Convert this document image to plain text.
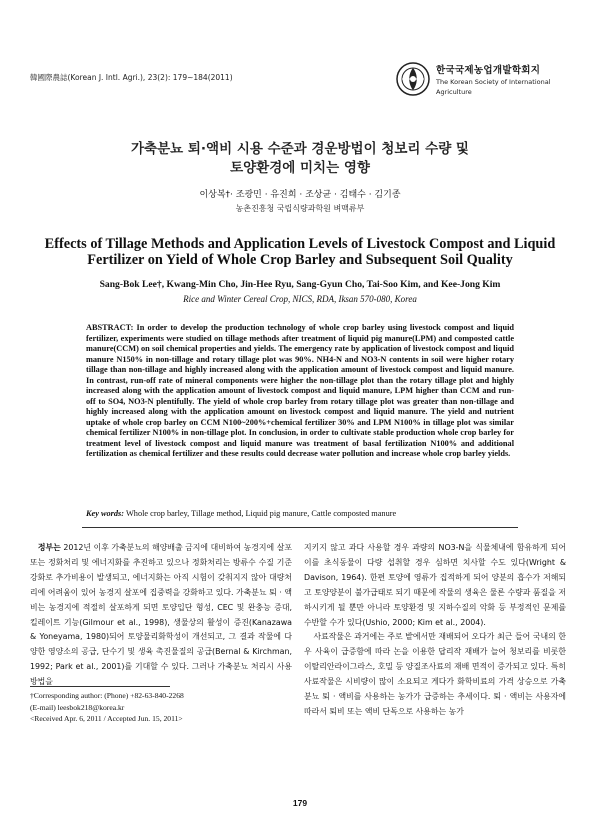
韓國際農誌(Korean J. Intl. Agri.), 23(2): 179~184(2011)
한국국제농업개발학회지
The Korean Society of International
Agriculture
가축분뇨 퇴·액비 시용 수준과 경운방법이 청보리 수량 및
토양환경에 미치는 영향
이상복†· 조광민 · 유진희 · 조상균 · 김태수 · 김기종
농촌진흥청 국립식량과학원 벼맥류부
Effects of Tillage Methods and Application Levels of Livestock Compost and Liquid
Fertilizer on Yield of Whole Crop Barley and Subsequent Soil Quality
Sang-Bok Lee†, Kwang-Min Cho, Jin-Hee Ryu, Sang-Gyun Cho, Tai-Soo Kim, and Kee-Jong Kim
Rice and Winter Cereal Crop, NICS, RDA, Iksan 570-080, Korea
ABSTRACT: In order to develop the production technology of whole crop barley using livestock compost and liquid fertilizer, experiments were studied on tillage methods after treatment of liquid pig manure(LPM) and composted cattle manure(CCM) on soil chemical properties and yields. The emergency rate by application of livestock compost and liquid manure N150% in non-tillage and rotary tillage plot was 90%. NH4-N and NO3-N contents in soil were higher rotary tillage than non-tillage and highly increased along with the application amount of livestock compost and liquid manure. In contrast, run-off rate of mineral components were higher the non-tillage plot than the rotary tillage plot and highly increased along with the application amount of livestock compost and liquid manure, LPM higher than CCM and run-off to SO4, NO3-N plentifully. The yield of whole crop barley from rotary tillage plot was greater than non-tillage and highly increased along with the application amount on livestock compost and liquid manure. The yield and nutrient uptake of whole crop barley on CCM N100~200%+chemical fertilizer 30% and LPM N100% in tillage plot was similar chemical fertilizer N100% in non-tillage plot. In conclusion, in order to cultivate stable production whole crop barley for treatment level of livestock compost and liquid manure was treatment of basal fertilization N100% and additional fertilization as chemical fertilizer and these results could decrease water pollution and increase whole crop barley yields.
Key words: Whole crop barley, Tillage method, Liquid pig manure, Cattle composted manure

 정부는 2012년 이후 가축분뇨의 해양배출 금지에 대비하여 농경지에 살포 또는 정화처리 및 에너지화를 추진하고 있으나 정화처리는 방류수 수질 기준 강화로 추가비용이 발생되고, 에너지화는 아직 시험이 갖춰지지 않아 대량처리에 어려움이 있어 농경지 살포에 집중력을 강화하고 있다. 가축분뇨 퇴 · 액비는 농경지에 적절히 살포하게 되면 토양입단 형성, CEC 및 완충능 증대, 킬레이트 기능(Gilmour et al., 1998), 생물상의 활성이 증진(Kanazawa & Yoneyama, 1980)되어 토양물리화학성이 개선되고, 그 결과 작물에 다양한 영양소의 공급, 단수기 및 생육 촉진물질의 공급(Bernal & Kirchman, 1992; Park et al., 2001)를 기대할 수 있다. 그러나 가축분뇨 처리시 사용방법을

지키지 않고 과다 사용할 경우 과량의 NO3-N을 식물체내에 함유하게 되어 이를 초식동물이 다량 섭취할 경우 심하면 치사할 수도 있다(Wright & Davison, 1964). 한편 토양에 영류가 집적하게 되어 양분의 흡수가 저해되고 토양양분이 불가급태로 되기 때문에 작물의 생육은 물론 수량과 품질을 저하시키게 될 뿐만 아니라 토양환경 및 지하수질의 악화 등 부정적인 문제를 수반할 수가 있다(Ushio, 2000; Kim et al., 2004).

사료작물은 과거에는 주로 밭에서만 재배되어 오다가 최근 들어 국내의 한우 사육이 급증함에 따라 논을 이용한 답리작 재배가 늘어 청보리를 비롯한 이탈리안라이그라스, 호밀 등 양질조사료의 재배 면적이 증가되고 있다. 특히 사료작물은 시비량이 많이 소요되고 게다가 화학비료의 가격 상승으로 가축분뇨 퇴 · 액비를 사용하는 농가가 급증하는 추세이다. 퇴 · 액비는 사용자에 따라서 퇴비 또는 액비 단독으로 사용하는 농가

†Corresponding author: (Phone) +82-63-840-2268
(E-mail) leesbok218@korea.kr
<Received Apr. 6, 2011 / Accepted Jun. 15, 2011>
179
